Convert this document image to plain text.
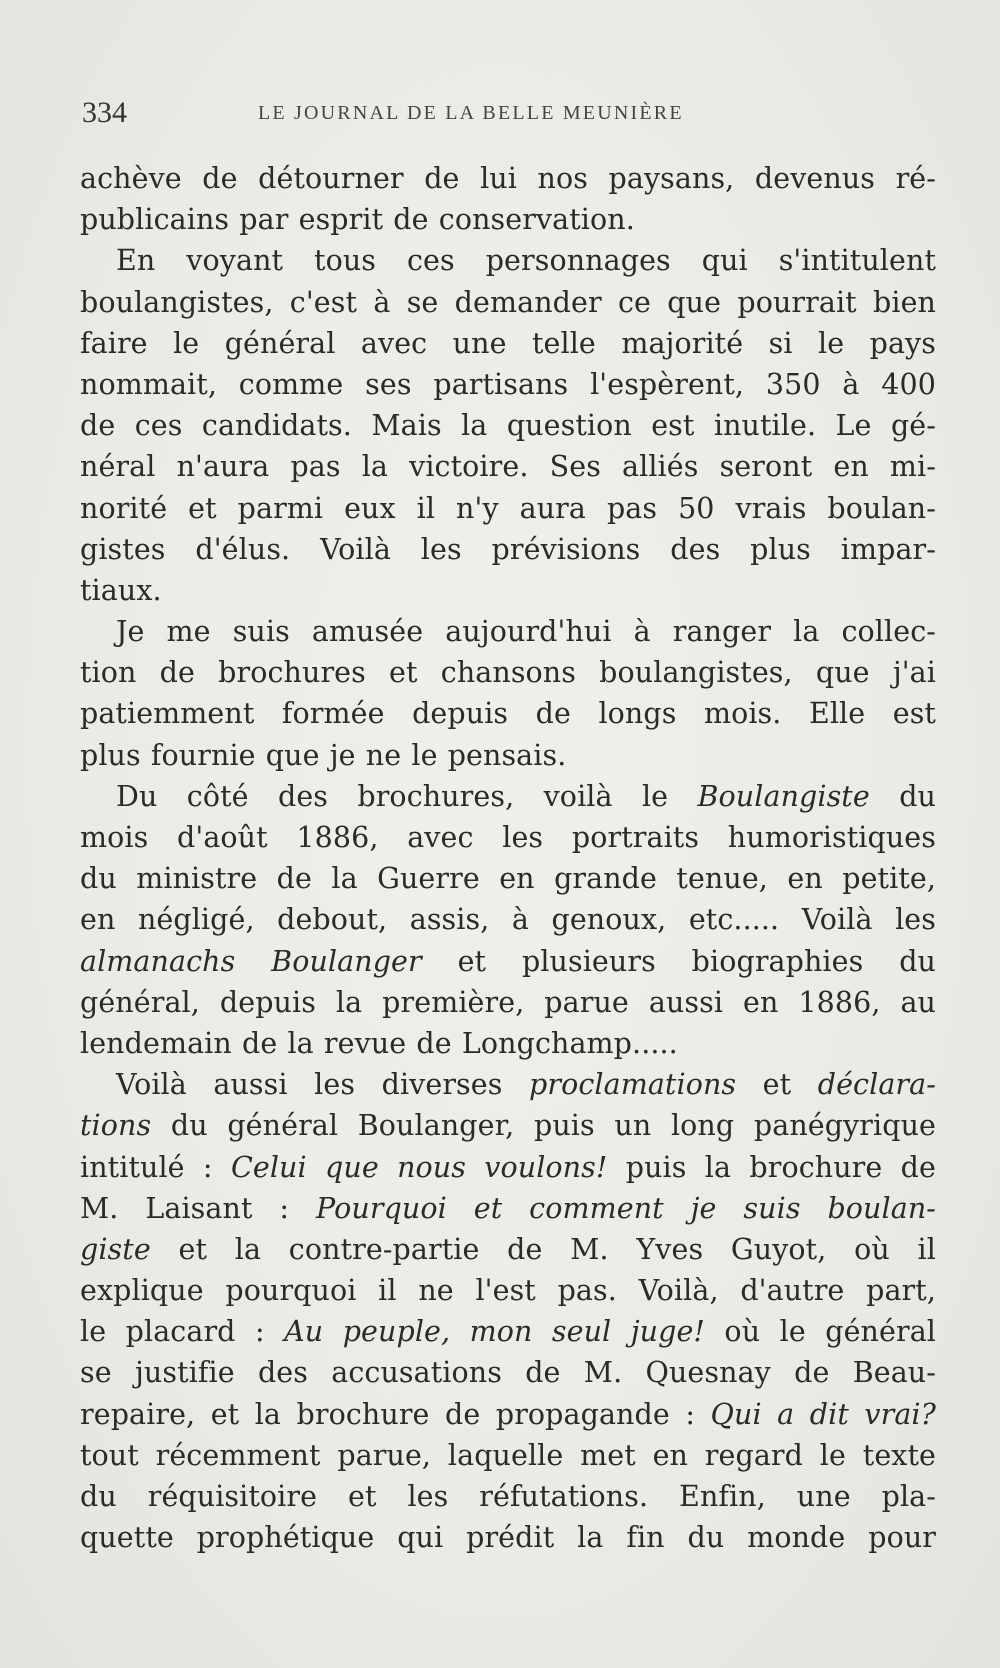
334	LE JOURNAL DE LA BELLE MEUNIÈRE
achève de détourner de lui nos paysans, devenus ré-
publicains par esprit de conservation.
En voyant tous ces personnages qui s'intitulent
boulangistes, c'est à se demander ce que pourrait bien
faire le général avec une telle majorité si le pays
nommait, comme ses partisans l'espèrent, 350 à 400
de ces candidats. Mais la question est inutile. Le gé-
néral n'aura pas la victoire. Ses alliés seront en mi-
norité et parmi eux il n'y aura pas 50 vrais boulan-
gistes d'élus. Voilà les prévisions des plus impar-
tiaux.
Je me suis amusée aujourd'hui à ranger la collec-
tion de brochures et chansons boulangistes, que j'ai
patiemment formée depuis de longs mois. Elle est
plus fournie que je ne le pensais.
Du côté des brochures, voilà le Boulangiste du
mois d'août 1886, avec les portraits humoristiques
du ministre de la Guerre en grande tenue, en petite,
en négligé, debout, assis, à genoux, etc..... Voilà les
almanachs Boulanger et plusieurs biographies du
général, depuis la première, parue aussi en 1886, au
lendemain de la revue de Longchamp.....
Voilà aussi les diverses proclamations et déclara-
tions du général Boulanger, puis un long panégyrique
intitulé : Celui que nous voulons! puis la brochure de
M. Laisant : Pourquoi et comment je suis boulan-
giste et la contre-partie de M. Yves Guyot, où il
explique pourquoi il ne l'est pas. Voilà, d'autre part,
le placard : Au peuple, mon seul juge! où le général
se justifie des accusations de M. Quesnay de Beau-
repaire, et la brochure de propagande : Qui a dit vrai?
tout récemment parue, laquelle met en regard le texte
du réquisitoire et les réfutations. Enfin, une pla-
quette prophétique qui prédit la fin du monde pour
